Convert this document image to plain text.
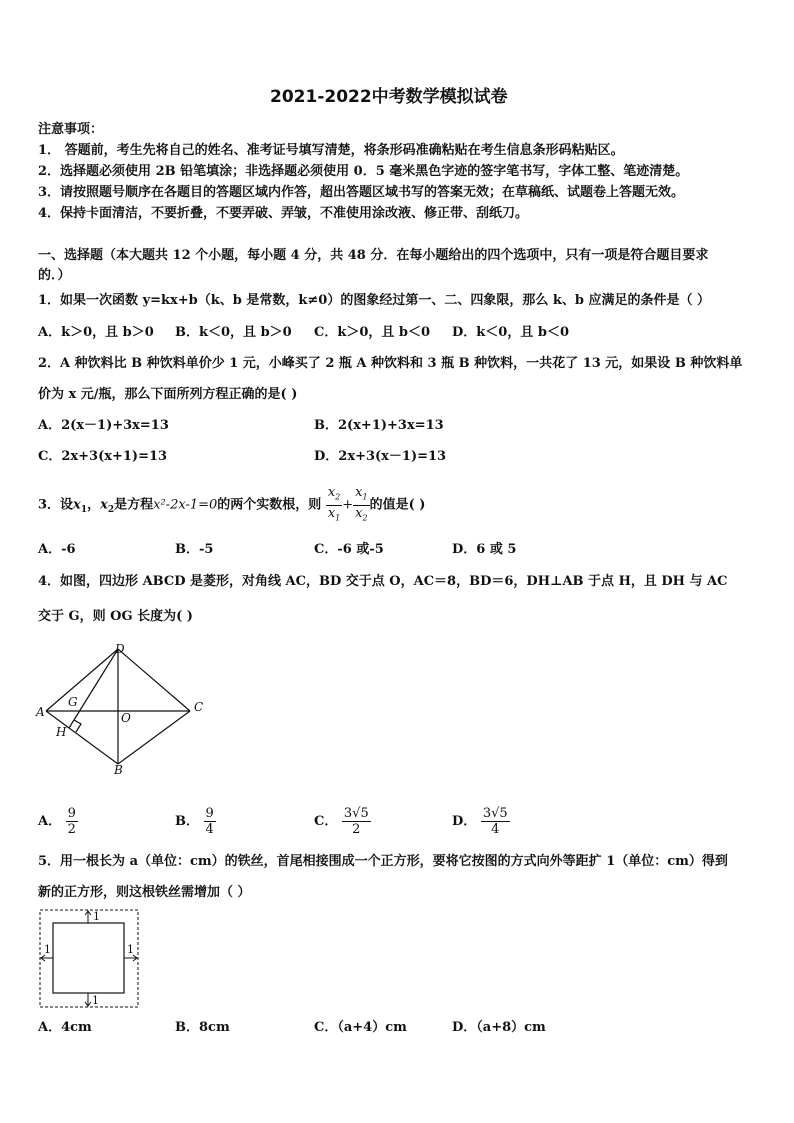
2021-2022中考数学模拟试卷
注意事项：
1． 答题前，考生先将自己的姓名、准考证号填写清楚，将条形码准确粘贴在考生信息条形码粘贴区。
2．选择题必须使用 2B 铅笔填涂；非选择题必须使用 0．5 毫米黑色字迹的签字笔书写，字体工整、笔迹清楚。
3．请按照题号顺序在各题目的答题区域内作答，超出答题区域书写的答案无效；在草稿纸、试题卷上答题无效。
4．保持卡面清洁，不要折叠，不要弄破、弄皱，不准使用涂改液、修正带、刮纸刀。
一、选择题（本大题共 12 个小题，每小题 4 分，共 48 分．在每小题给出的四个选项中，只有一项是符合题目要求
的．）
1．如果一次函数 y=kx+b（k、b 是常数，k≠0）的图象经过第一、二、四象限，那么 k、b 应满足的条件是（ ）
A．k＞0，且 b＞0 B．k＜0，且 b＞0 C．k＞0，且 b＜0 D．k＜0，且 b＜0
2．A 种饮料比 B 种饮料单价少 1 元，小峰买了 2 瓶 A 种饮料和 3 瓶 B 种饮料，一共花了 13 元，如果设 B 种饮料单
价为 x 元/瓶，那么下面所列方程正确的是( )
A．2(x－1)+3x=13	B．2(x+1)+3x=13
C．2x+3(x+1)=13	D．2x+3(x－1)=13
3．设$x_1$，$x_2$是方程x²-2x-1=0的两个实数根，则 $\frac{x_2}{x_1} + \frac{x_1}{x_2}$ 的值是( )
A．-6	B．-5	C．-6 或-5	D．6 或 5
4．如图，四边形 ABCD 是菱形，对角线 AC，BD 交于点 O，AC＝8，BD＝6，DH⊥AB 于点 H，且 DH 与 AC
交于 G，则 OG 长度为( )
D
A
G
O
C
H
B
A． $\frac{9}{2}$	B． $\frac{9}{4}$	C． $\frac{3√5}{2}$	D． $\frac{3√5}{4}$
5．用一根长为 a（单位：cm）的铁丝，首尾相接围成一个正方形，要将它按图的方式向外等距扩 1（单位：cm）得到
新的正方形，则这根铁丝需增加（ ）
1
1
1	1
A．4cm	B．8cm	C．（a+4）cm	D．（a+8）cm
